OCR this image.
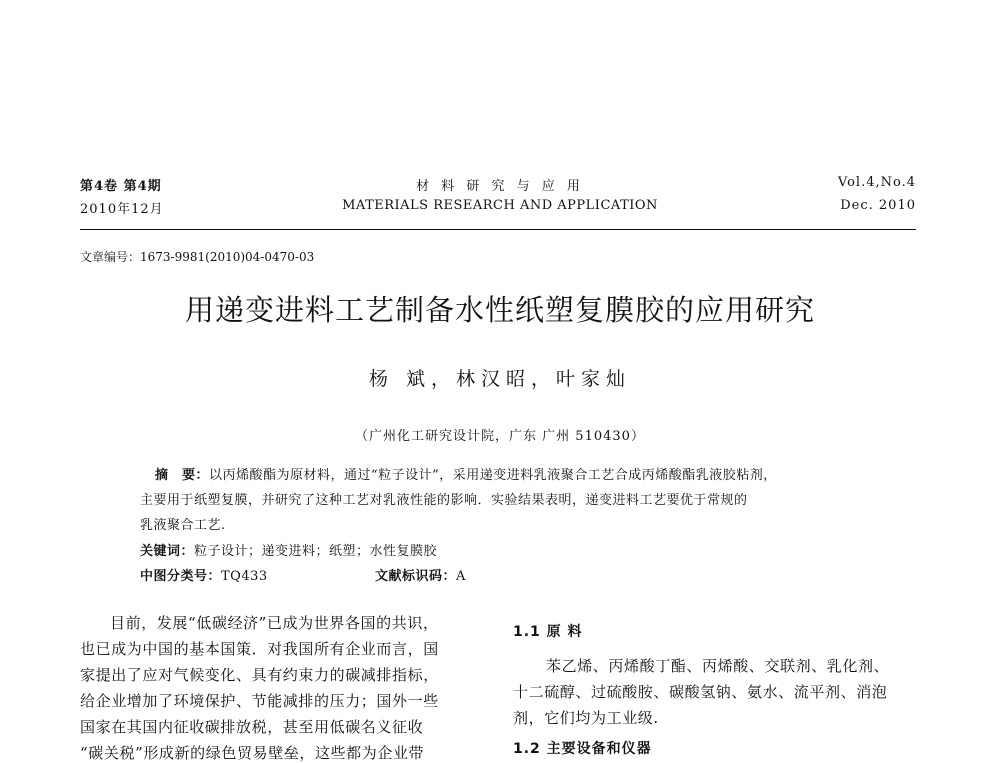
第4卷 第4期
2010年12月
材 料 研 究 与 应 用
MATERIALS RESEARCH AND APPLICATION
Vol.4,No.4
Dec. 2010
文章编号：1673-9981(2010)04-0470-03
用递变进料工艺制备水性纸塑复膜胶的应用研究
杨 斌，林汉昭，叶家灿
（广州化工研究设计院，广东 广州 510430）
摘　要：以丙烯酸酯为原材料，通过“粒子设计”，采用递变进料乳液聚合工艺合成丙烯酸酯乳液胶粘剂，
主要用于纸塑复膜，并研究了这种工艺对乳液性能的影响．实验结果表明，递变进料工艺要优于常规的
乳液聚合工艺.
关键词：粒子设计；递变进料；纸塑；水性复膜胶
中图分类号：TQ433	文献标识码：A
目前，发展“低碳经济”已成为世界各国的共识，
也已成为中国的基本国策．对我国所有企业而言，国
家提出了应对气候变化、具有约束力的碳减排指标，
给企业增加了环境保护、节能减排的压力；国外一些
国家在其国内征收碳排放税，甚至用低碳名义征收
“碳关税”形成新的绿色贸易壁垒，这些都为企业带
1.1 原 料
苯乙烯、丙烯酸丁酯、丙烯酸、交联剂、乳化剂、
十二硫醇、过硫酸胺、碳酸氢钠、氨水、流平剂、消泡
剂，它们均为工业级.
1.2 主要设备和仪器
